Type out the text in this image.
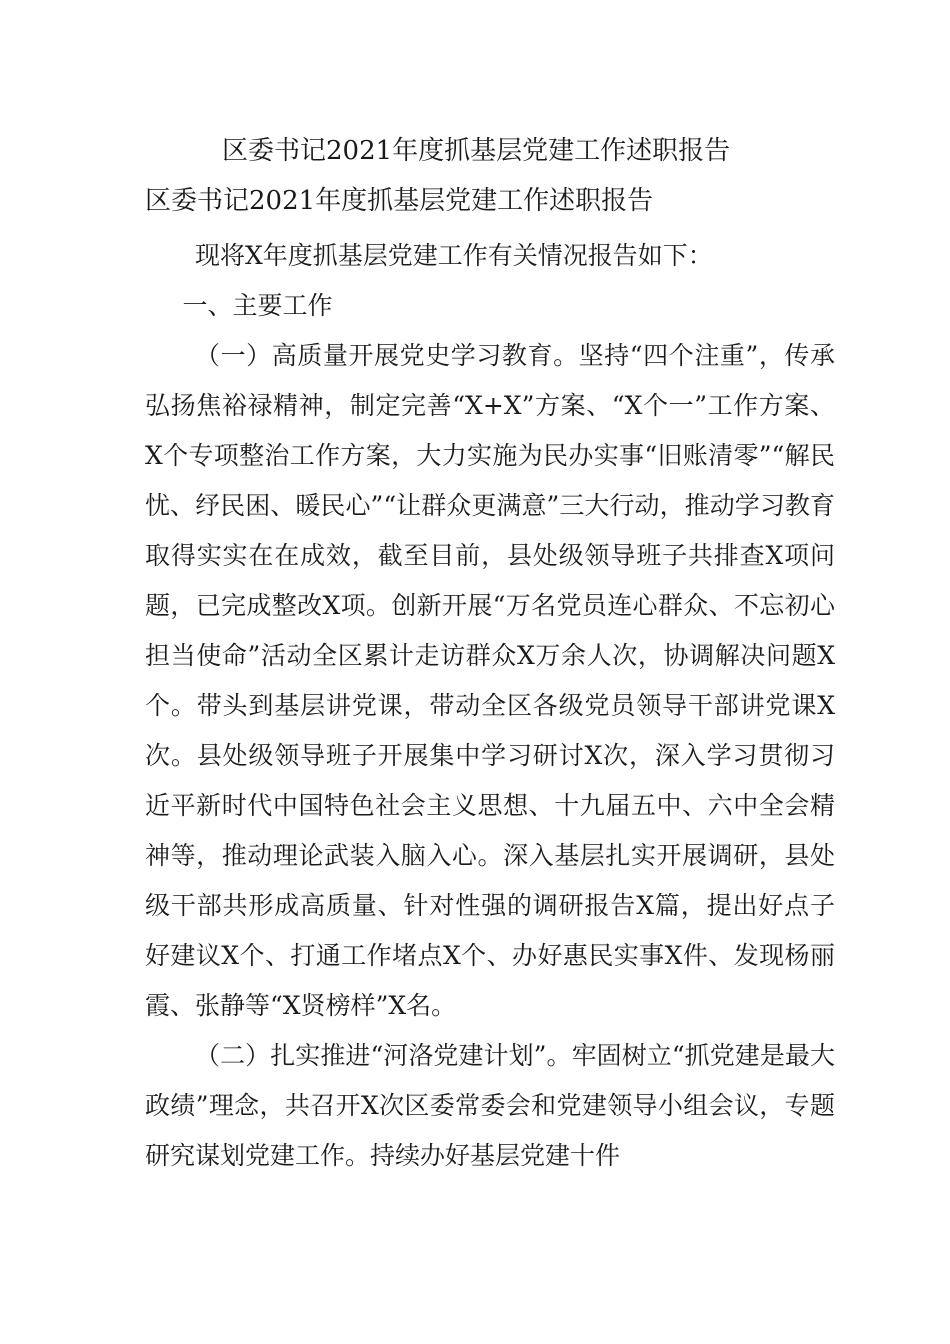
区委书记2021年度抓基层党建工作述职报告
区委书记2021年度抓基层党建工作述职报告

现将X年度抓基层党建工作有关情况报告如下：

一、主要工作

（一）高质量开展党史学习教育。坚持“四个注重”，传承弘扬焦裕禄精神，制定完善“X+X”方案、“X个一”工作方案、X个专项整治工作方案，大力实施为民办实事“旧账清零”“解民忧、纾民困、暖民心”“让群众更满意”三大行动，推动学习教育取得实实在在成效，截至目前，县处级领导班子共排查X项问题，已完成整改X项。创新开展“万名党员连心群众、不忘初心担当使命”活动全区累计走访群众X万余人次，协调解决问题X个。带头到基层讲党课，带动全区各级党员领导干部讲党课X次。县处级领导班子开展集中学习研讨X次，深入学习贯彻习近平新时代中国特色社会主义思想、十九届五中、六中全会精神等，推动理论武装入脑入心。深入基层扎实开展调研，县处级干部共形成高质量、针对性强的调研报告X篇，提出好点子好建议X个、打通工作堵点X个、办好惠民实事X件、发现杨丽霞、张静等“X贤榜样”X名。

（二）扎实推进“河洛党建计划”。牢固树立“抓党建是最大政绩”理念，共召开X次区委常委会和党建领导小组会议，专题研究谋划党建工作。持续办好基层党建十件
